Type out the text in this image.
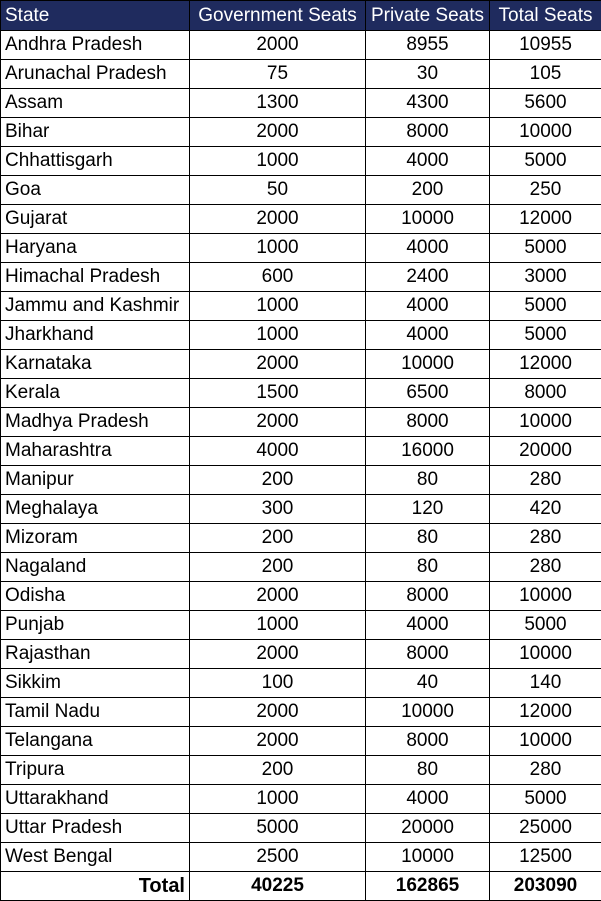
State	Government Seats	Private Seats	Total Seats
Andhra Pradesh	2000	8955	10955
Arunachal Pradesh	75	30	105
Assam	1300	4300	5600
Bihar	2000	8000	10000
Chhattisgarh	1000	4000	5000
Goa	50	200	250
Gujarat	2000	10000	12000
Haryana	1000	4000	5000
Himachal Pradesh	600	2400	3000
Jammu and Kashmir	1000	4000	5000
Jharkhand	1000	4000	5000
Karnataka	2000	10000	12000
Kerala	1500	6500	8000
Madhya Pradesh	2000	8000	10000
Maharashtra	4000	16000	20000
Manipur	200	80	280
Meghalaya	300	120	420
Mizoram	200	80	280
Nagaland	200	80	280
Odisha	2000	8000	10000
Punjab	1000	4000	5000
Rajasthan	2000	8000	10000
Sikkim	100	40	140
Tamil Nadu	2000	10000	12000
Telangana	2000	8000	10000
Tripura	200	80	280
Uttarakhand	1000	4000	5000
Uttar Pradesh	5000	20000	25000
West Bengal	2500	10000	12500
Total	40225	162865	203090
